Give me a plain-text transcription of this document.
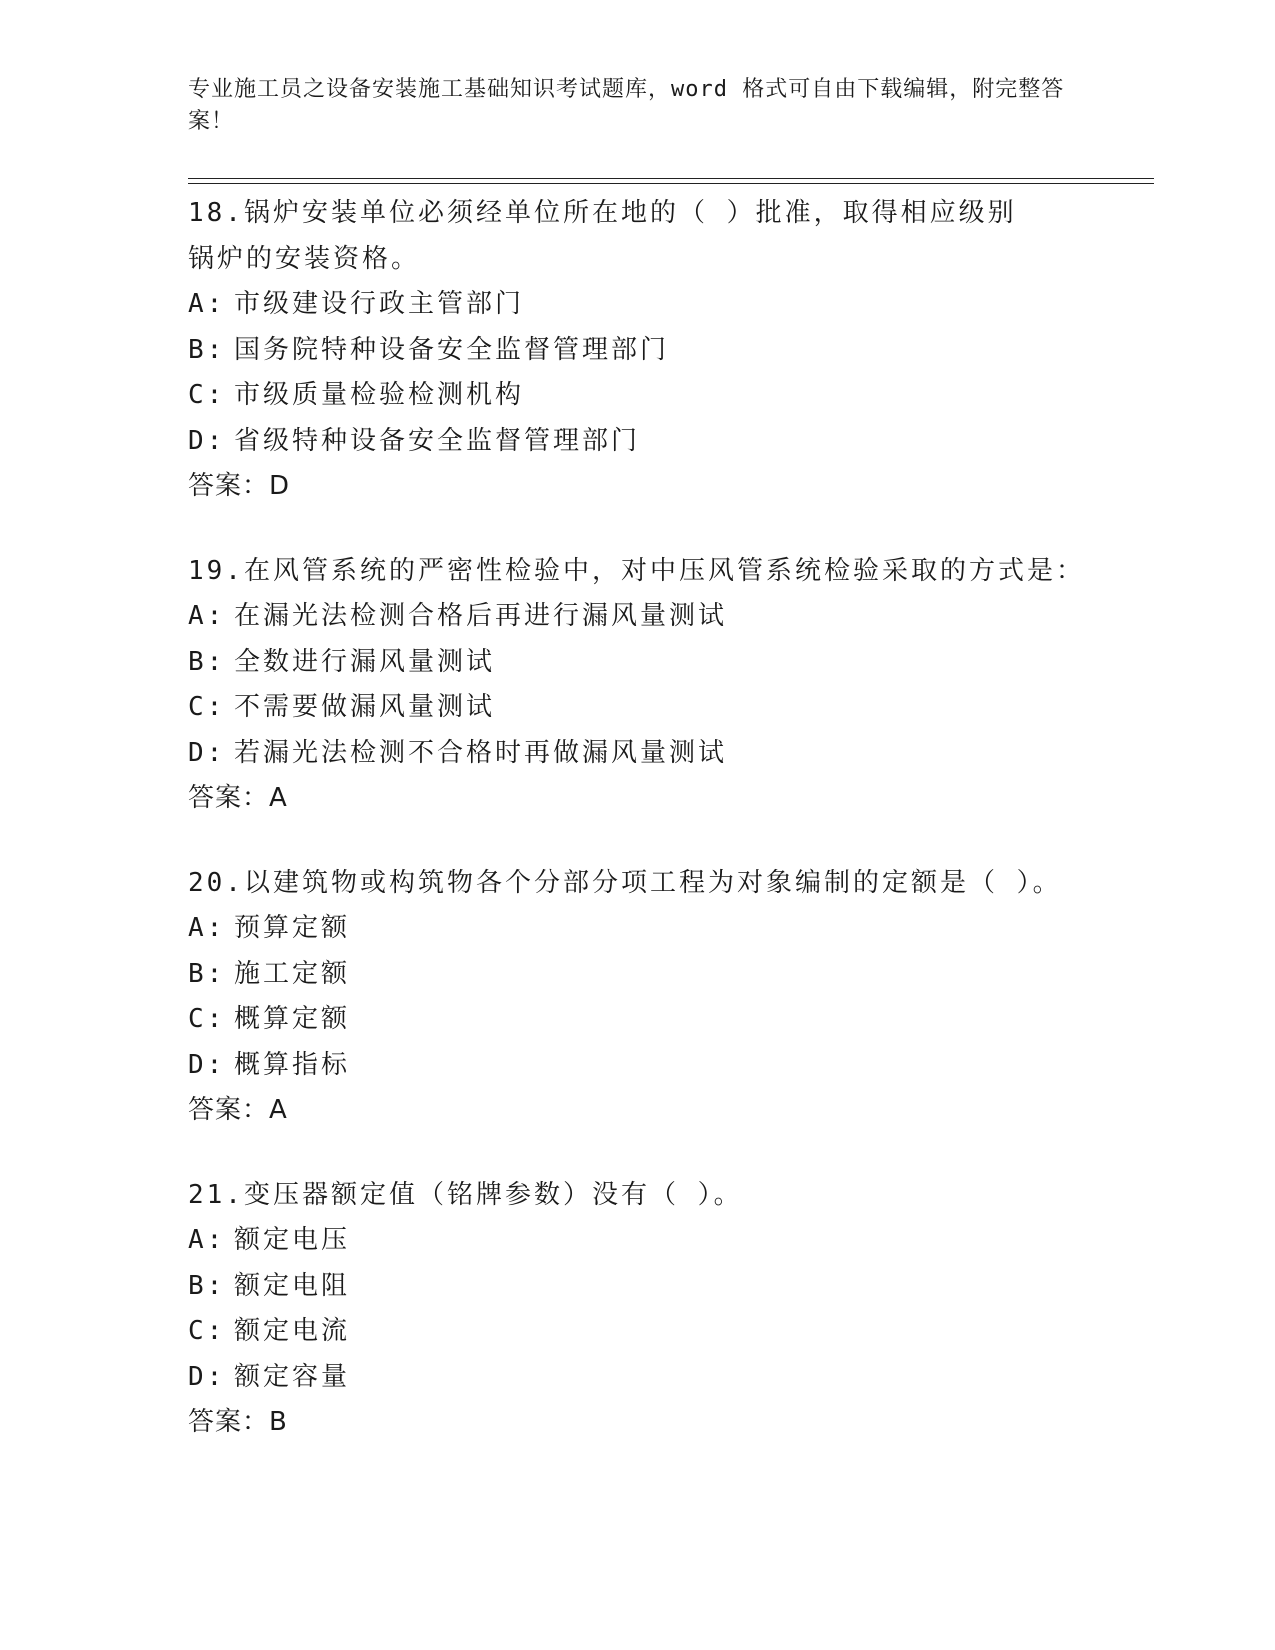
专业施工员之设备安装施工基础知识考试题库，word 格式可自由下载编辑，附完整答案！
18.锅炉安装单位必须经单位所在地的（ ）批准，取得相应级别锅炉的安装资格。
A: 市级建设行政主管部门
B: 国务院特种设备安全监督管理部门
C: 市级质量检验检测机构
D: 省级特种设备安全监督管理部门
答案：D
19.在风管系统的严密性检验中，对中压风管系统检验采取的方式是：
A: 在漏光法检测合格后再进行漏风量测试
B: 全数进行漏风量测试
C: 不需要做漏风量测试
D: 若漏光法检测不合格时再做漏风量测试
答案：A
20.以建筑物或构筑物各个分部分项工程为对象编制的定额是（ ）。
A: 预算定额
B: 施工定额
C: 概算定额
D: 概算指标
答案：A
21.变压器额定值（铭牌参数）没有（ ）。
A: 额定电压
B: 额定电阻
C: 额定电流
D: 额定容量
答案：B
